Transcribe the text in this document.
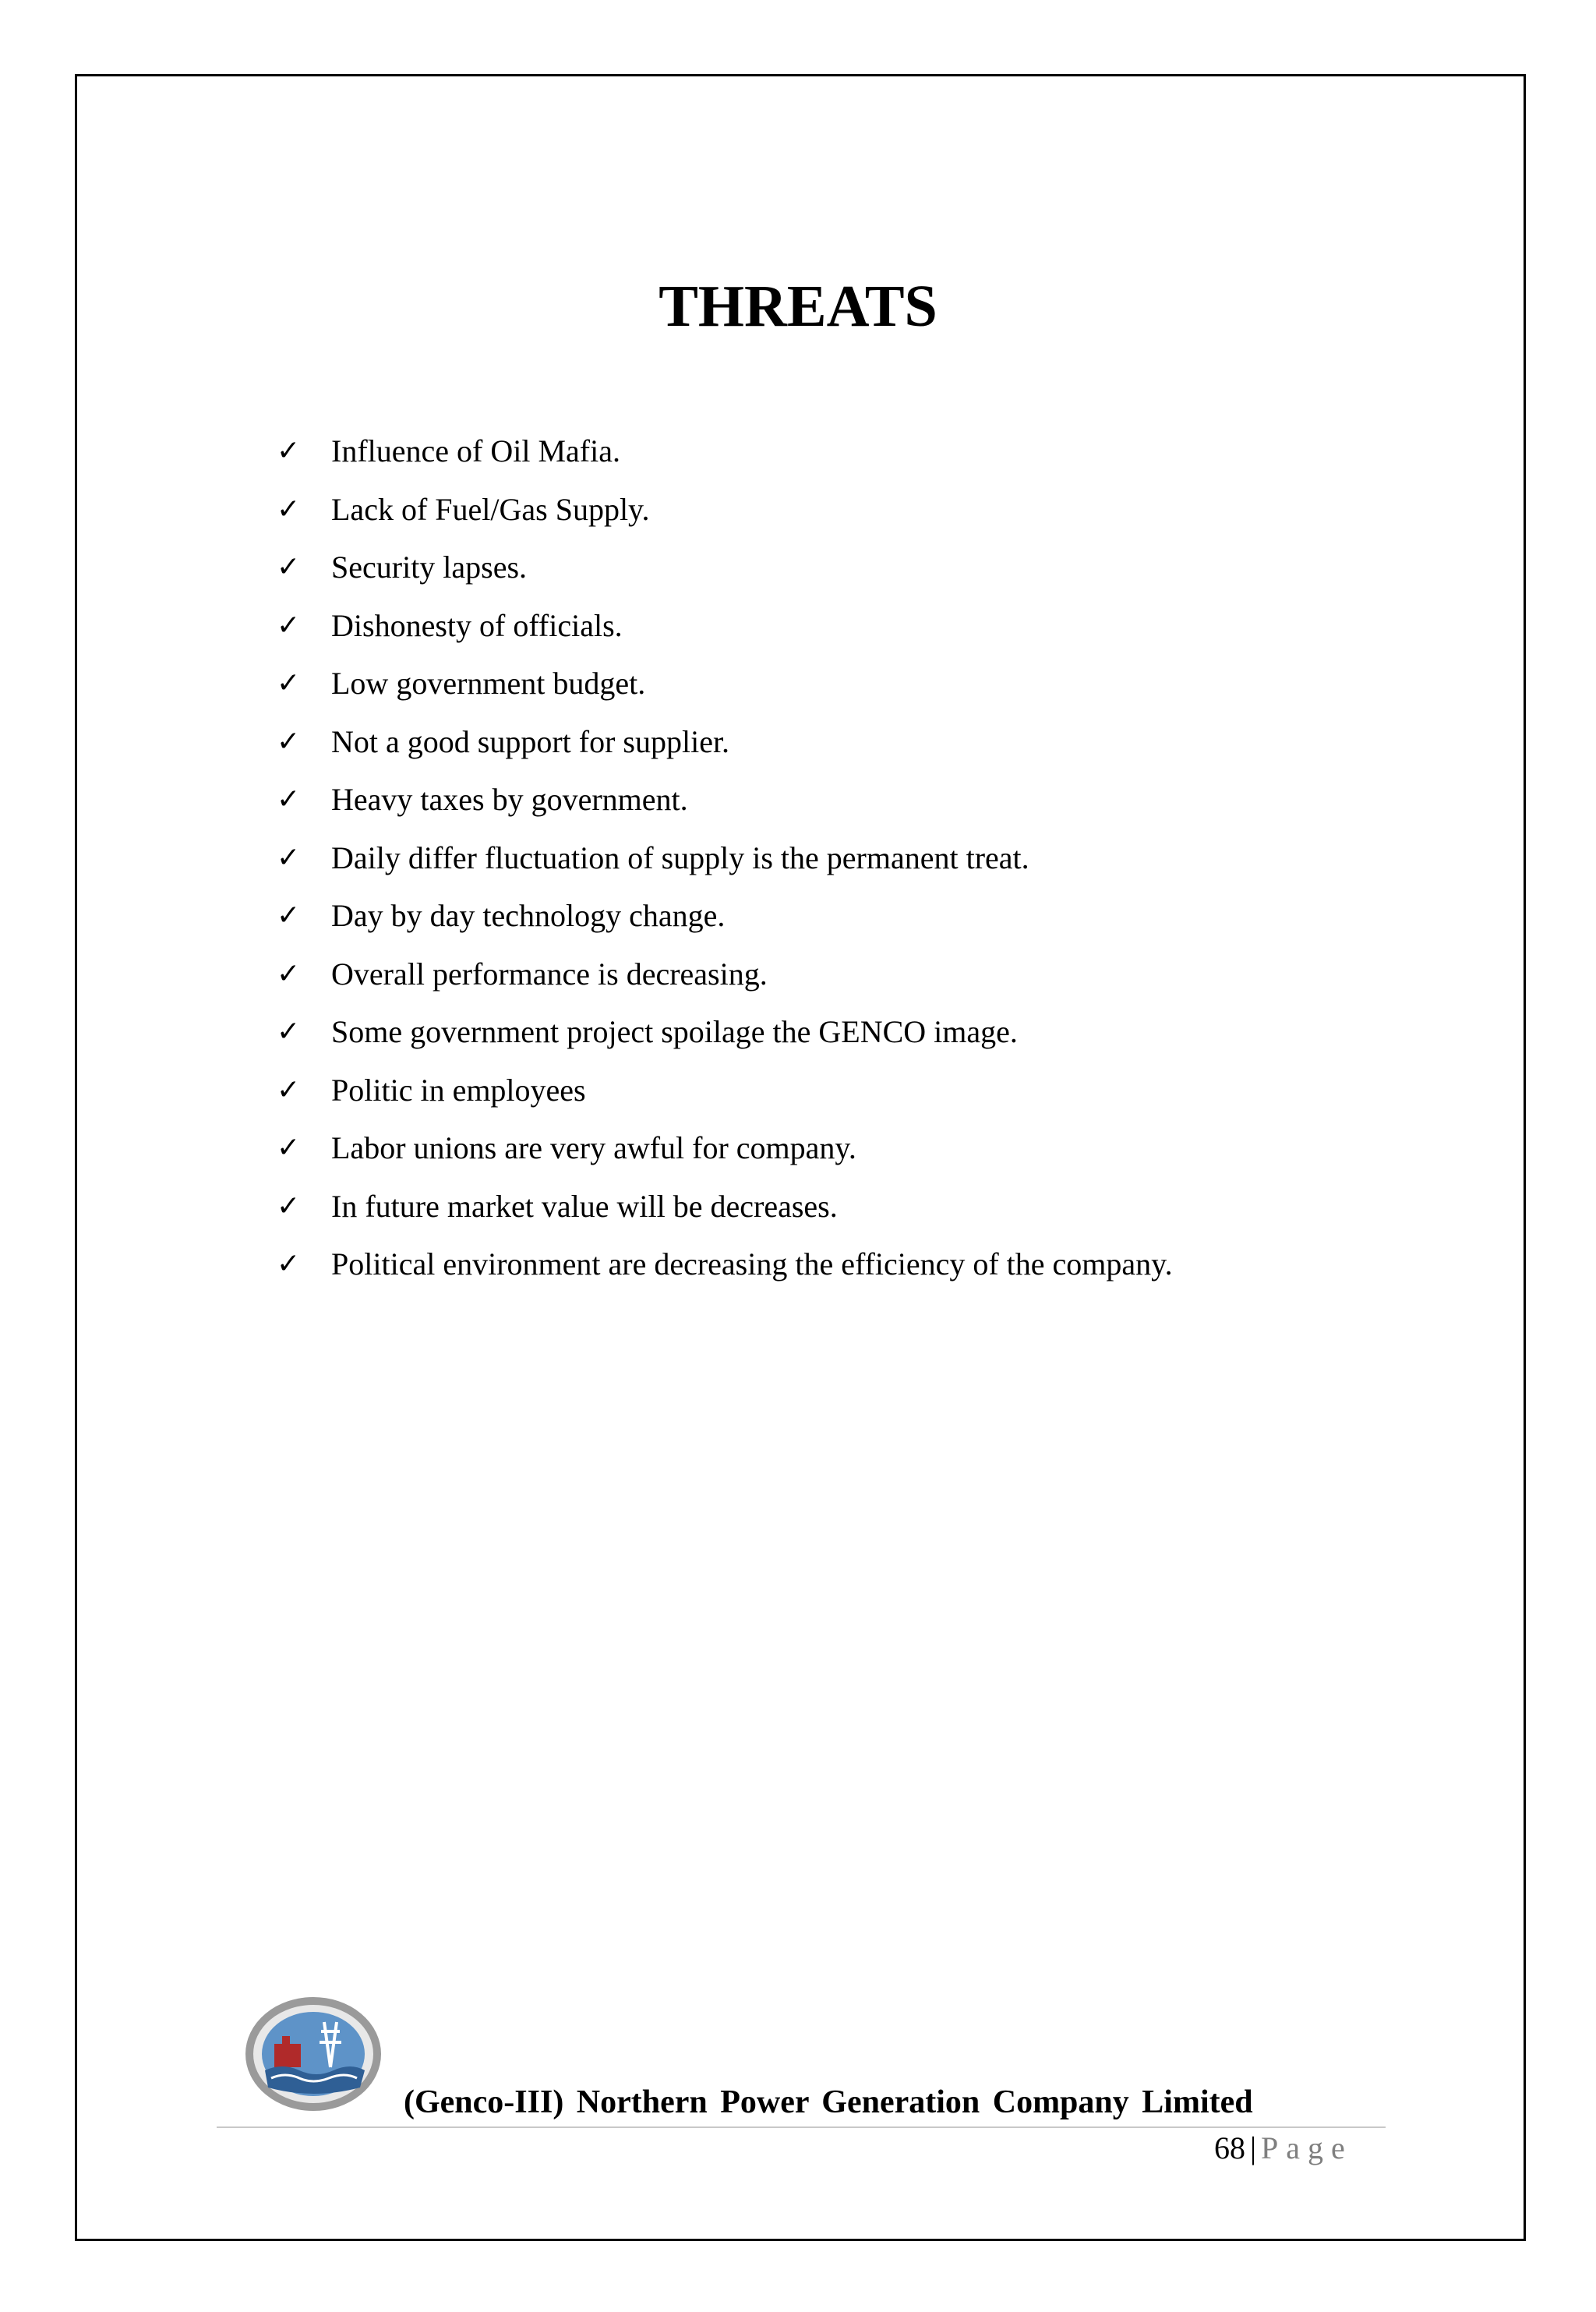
THREATS
✓ Influence of Oil Mafia.
✓ Lack of Fuel/Gas Supply.
✓ Security lapses.
✓ Dishonesty of officials.
✓ Low government budget.
✓ Not a good support for supplier.
✓ Heavy taxes by government.
✓ Daily differ fluctuation of supply is the permanent treat.
✓ Day by day technology change.
✓ Overall performance is decreasing.
✓ Some government project spoilage the GENCO image.
✓ Politic in employees
✓ Labor unions are very awful for company.
✓ In future market value will be decreases.
✓ Political environment are decreasing the efficiency of the company.
(Genco-III) Northern Power Generation Company Limited
68 | Page
